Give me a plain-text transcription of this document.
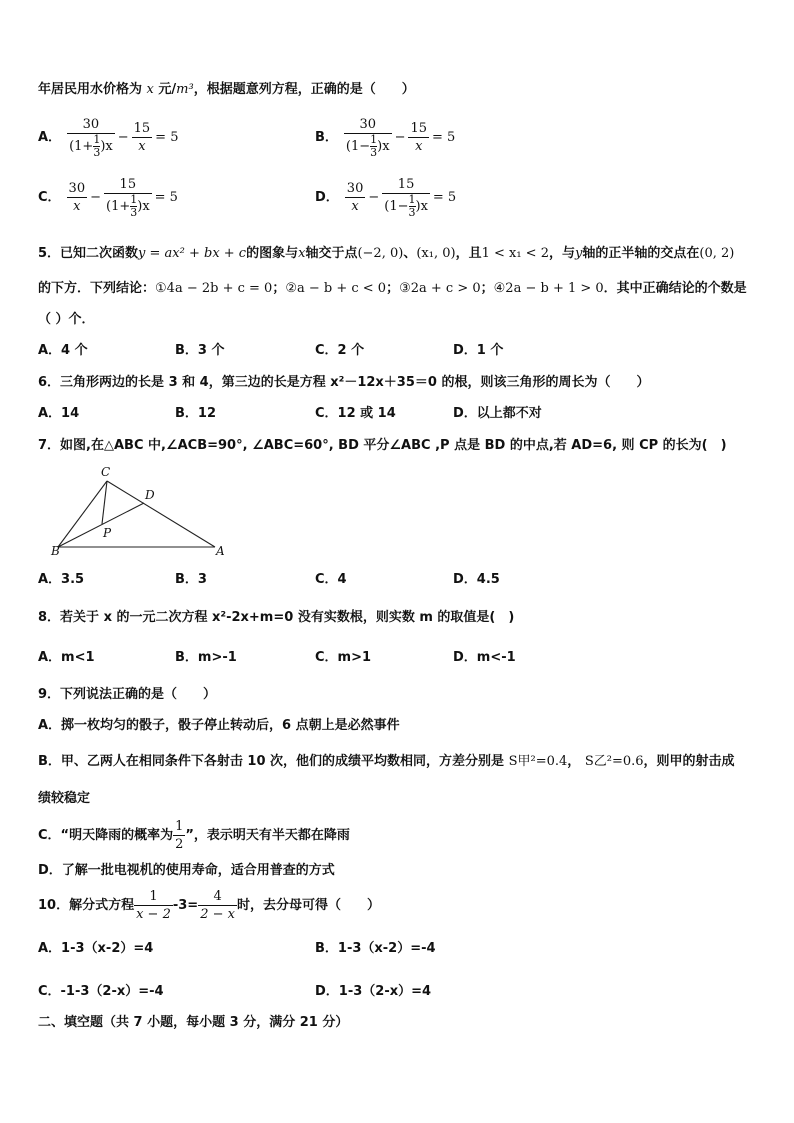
年居民用水价格为 x 元/m³，根据题意列方程，正确的是（　　）
A． $\frac{30}{(1+ \frac{1}{3} )x} - \frac{15}{x} = 5$	B． $\frac{30}{(1- \frac{1}{3} )x} - \frac{15}{x} = 5$
C． $\frac{30}{x} - \frac{15}{(1+ \frac{1}{3} )x} = 5$	D． $\frac{30}{x} - \frac{15}{(1- \frac{1}{3} )x} = 5$
5．已知二次函数y = ax² + bx + c的图象与x轴交于点(−2, 0)、(x₁, 0)，且1 < x₁ < 2，与y轴的正半轴的交点在(0, 2)
的下方．下列结论：①4a − 2b + c = 0；②a − b + c < 0；③2a + c > 0；④2a − b + 1 > 0．其中正确结论的个数是
（ ）个．
A．4 个	B．3 个	C．2 个	D．1 个
6．三角形两边的长是 3 和 4，第三边的长是方程 x²－12x＋35＝0 的根，则该三角形的周长为（　　）
A．14	B．12	C．12 或 14	D．以上都不对
7．如图,在△ABC 中,∠ACB=90°, ∠ABC=60°, BD 平分∠ABC ,P 点是 BD 的中点,若 AD=6, 则 CP 的长为(　)
C
D
P
B	A
A．3.5	B．3	C．4	D．4.5
8．若关于 x 的一元二次方程 x²-2x+m=0 没有实数根，则实数 m 的取值是(　)
A．m<1	B．m>-1	C．m>1	D．m<-1
9．下列说法正确的是（　　）
A．掷一枚均匀的骰子，骰子停止转动后，6 点朝上是必然事件
B．甲、乙两人在相同条件下各射击 10 次，他们的成绩平均数相同，方差分别是 S甲²=0.4， S乙²=0.6，则甲的射击成
绩较稳定
C．“明天降雨的概率为 $\frac{1}{2}$ ”，表示明天有半天都在降雨
D．了解一批电视机的使用寿命，适合用普查的方式
10．解分式方程 $\frac{1}{x - 2} -3= \frac{4}{2 - x}$ 时，去分母可得（　　）
A．1-3（x-2）=4	B．1-3（x-2）=-4
C．-1-3（2-x）=-4	D．1-3（2-x）=4
二、填空题（共 7 小题，每小题 3 分，满分 21 分）
